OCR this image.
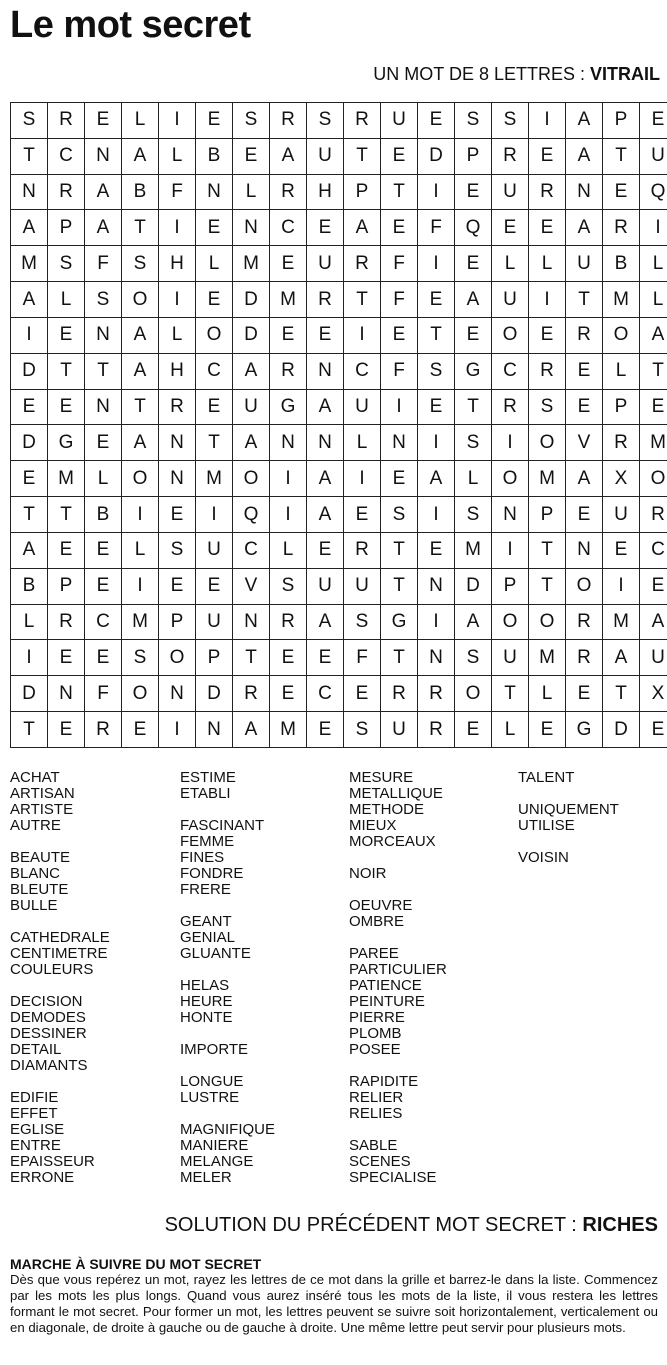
Le mot secret
UN MOT DE 8 LETTRES : VITRAIL
S	R	E	L	I	E	S	R	S	R	U	E	S	S	I	A	P	E
T	C	N	A	L	B	E	A	U	T	E	D	P	R	E	A	T	U
N	R	A	B	F	N	L	R	H	P	T	I	E	U	R	N	E	Q
A	P	A	T	I	E	N	C	E	A	E	F	Q	E	E	A	R	I
M	S	F	S	H	L	M	E	U	R	F	I	E	L	L	U	B	L
A	L	S	O	I	E	D	M	R	T	F	E	A	U	I	T	M	L
I	E	N	A	L	O	D	E	E	I	E	T	E	O	E	R	O	A
D	T	T	A	H	C	A	R	N	C	F	S	G	C	R	E	L	T
E	E	N	T	R	E	U	G	A	U	I	E	T	R	S	E	P	E
D	G	E	A	N	T	A	N	N	L	N	I	S	I	O	V	R	M
E	M	L	O	N	M	O	I	A	I	E	A	L	O	M	A	X	O
T	T	B	I	E	I	Q	I	A	E	S	I	S	N	P	E	U	R
A	E	E	L	S	U	C	L	E	R	T	E	M	I	T	N	E	C
B	P	E	I	E	E	V	S	U	U	T	N	D	P	T	O	I	E
L	R	C	M	P	U	N	R	A	S	G	I	A	O	O	R	M	A
I	E	E	S	O	P	T	E	E	F	T	N	S	U	M	R	A	U
D	N	F	O	N	D	R	E	C	E	R	R	O	T	L	E	T	X
T	E	R	E	I	N	A	M	E	S	U	R	E	L	E	G	D	E
ACHAT
ARTISAN
ARTISTE
AUTRE
BEAUTE
BLANC
BLEUTE
BULLE
CATHEDRALE
CENTIMETRE
COULEURS
DECISION
DEMODES
DESSINER
DETAIL
DIAMANTS
EDIFIE
EFFET
EGLISE
ENTRE
EPAISSEUR
ERRONE
ESTIME
ETABLI
FASCINANT
FEMME
FINES
FONDRE
FRERE
GEANT
GENIAL
GLUANTE
HELAS
HEURE
HONTE
IMPORTE
LONGUE
LUSTRE
MAGNIFIQUE
MANIERE
MELANGE
MELER
MESURE
METALLIQUE
METHODE
MIEUX
MORCEAUX
NOIR
OEUVRE
OMBRE
PAREE
PARTICULIER
PATIENCE
PEINTURE
PIERRE
PLOMB
POSEE
RAPIDITE
RELIER
RELIES
SABLE
SCENES
SPECIALISE
TALENT
UNIQUEMENT
UTILISE
VOISIN
SOLUTION DU PRÉCÉDENT MOT SECRET : RICHES
MARCHE À SUIVRE DU MOT SECRET

Dès que vous repérez un mot, rayez les lettres de ce mot dans la grille et barrez-le dans la liste. Commencez par les mots les plus longs. Quand vous aurez inséré tous les mots de la liste, il vous restera les lettres formant le mot secret. Pour former un mot, les lettres peuvent se suivre soit horizontalement, verticalement ou en diagonale, de droite à gauche ou de gauche à droite. Une même lettre peut servir pour plusieurs mots.
